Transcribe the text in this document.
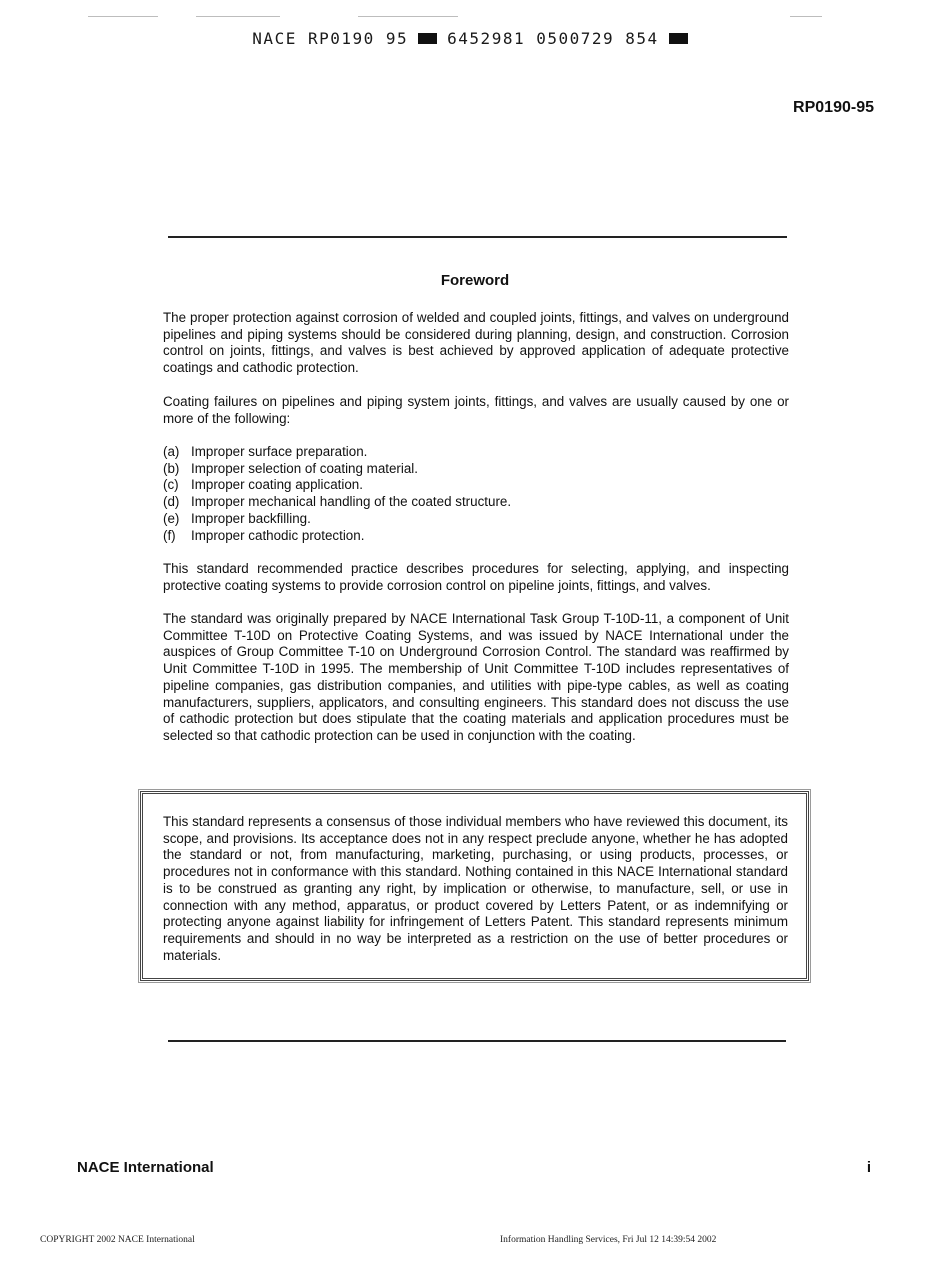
NACE RP0190 95 6452981 0500729 854
RP0190-95
Foreword

The proper protection against corrosion of welded and coupled joints, fittings, and valves on underground pipelines and piping systems should be considered during planning, design, and construction. Corrosion control on joints, fittings, and valves is best achieved by approved application of adequate protective coatings and cathodic protection.

Coating failures on pipelines and piping system joints, fittings, and valves are usually caused by one or more of the following:

(a) Improper surface preparation.
(b) Improper selection of coating material.
(c) Improper coating application.
(d) Improper mechanical handling of the coated structure.
(e) Improper backfilling.
(f)	Improper cathodic protection.

This standard recommended practice describes procedures for selecting, applying, and inspecting protective coating systems to provide corrosion control on pipeline joints, fittings, and valves.

The standard was originally prepared by NACE International Task Group T-10D-11, a component of Unit Committee T-10D on Protective Coating Systems, and was issued by NACE International under the auspices of Group Committee T-10 on Underground Corrosion Control. The standard was reaffirmed by Unit Committee T-10D in 1995. The membership of Unit Committee T-10D includes representatives of pipeline companies, gas distribution companies, and utilities with pipe-type cables, as well as coating manufacturers, suppliers, applicators, and consulting engineers. This standard does not discuss the use of cathodic protection but does stipulate that the coating materials and application procedures must be selected so that cathodic protection can be used in conjunction with the coating.

This standard represents a consensus of those individual members who have reviewed this document, its scope, and provisions. Its acceptance does not in any respect preclude anyone, whether he has adopted the standard or not, from manufacturing, marketing, purchasing, or using products, processes, or procedures not in conformance with this standard. Nothing contained in this NACE International standard is to be construed as granting any right, by implication or otherwise, to manufacture, sell, or use in connection with any method, apparatus, or product covered by Letters Patent, or as indemnifying or protecting anyone against liability for infringement of Letters Patent. This standard represents minimum requirements and should in no way be interpreted as a restriction on the use of better procedures or materials.

NACE International	i
COPYRIGHT 2002 NACE International	Information Handling Services, Fri Jul 12 14:39:54 2002
